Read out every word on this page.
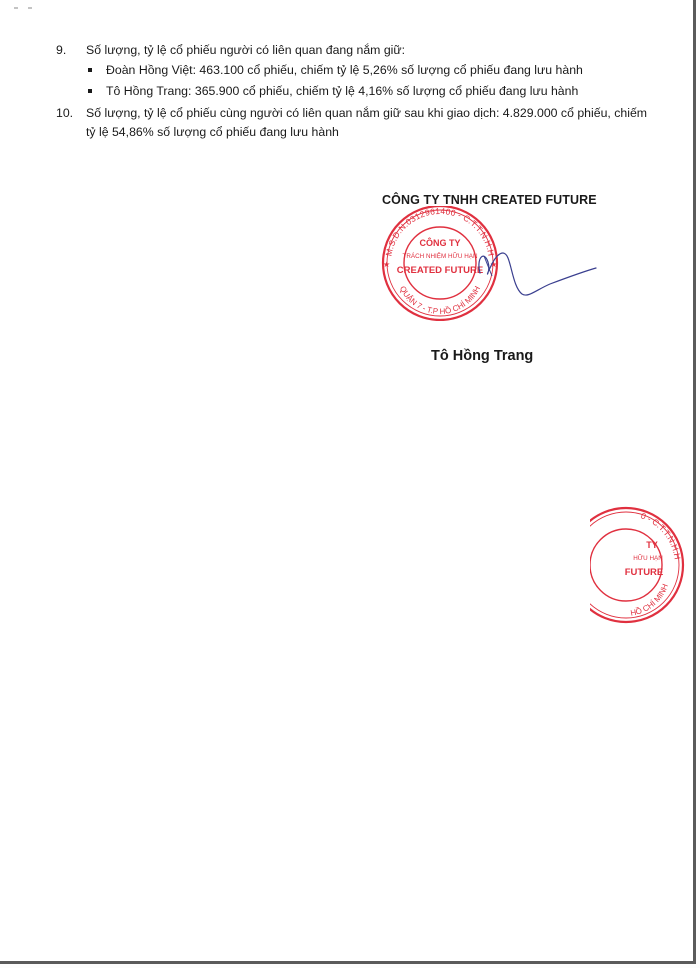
9. Số lượng, tỷ lệ cổ phiếu người có liên quan đang nắm giữ:
Đoàn Hồng Việt: 463.100 cổ phiếu, chiếm tỷ lệ 5,26% số lượng cổ phiếu đang lưu hành
Tô Hồng Trang: 365.900 cổ phiếu, chiếm tỷ lệ 4,16% số lượng cổ phiếu đang lưu hành
10. Số lượng, tỷ lệ cổ phiếu cùng người có liên quan nắm giữ sau khi giao dịch: 4.829.000 cổ phiếu, chiếm tỷ lệ 54,86% số lượng cổ phiếu đang lưu hành
CÔNG TY TNHH CREATED FUTURE
M.S.D.N:0312961400 - C.T.T.N.H.H
QUẬN 7 - T.P HỒ CHÍ MINH
★	★
CÔNG TY
TRÁCH NHIỆM HỮU HẠN
CREATED FUTURE
Tô Hồng Trang
0 - C.T.T.N.H.H
HỒ CHÍ MINH
TY
HỮU HẠN
FUTURE
